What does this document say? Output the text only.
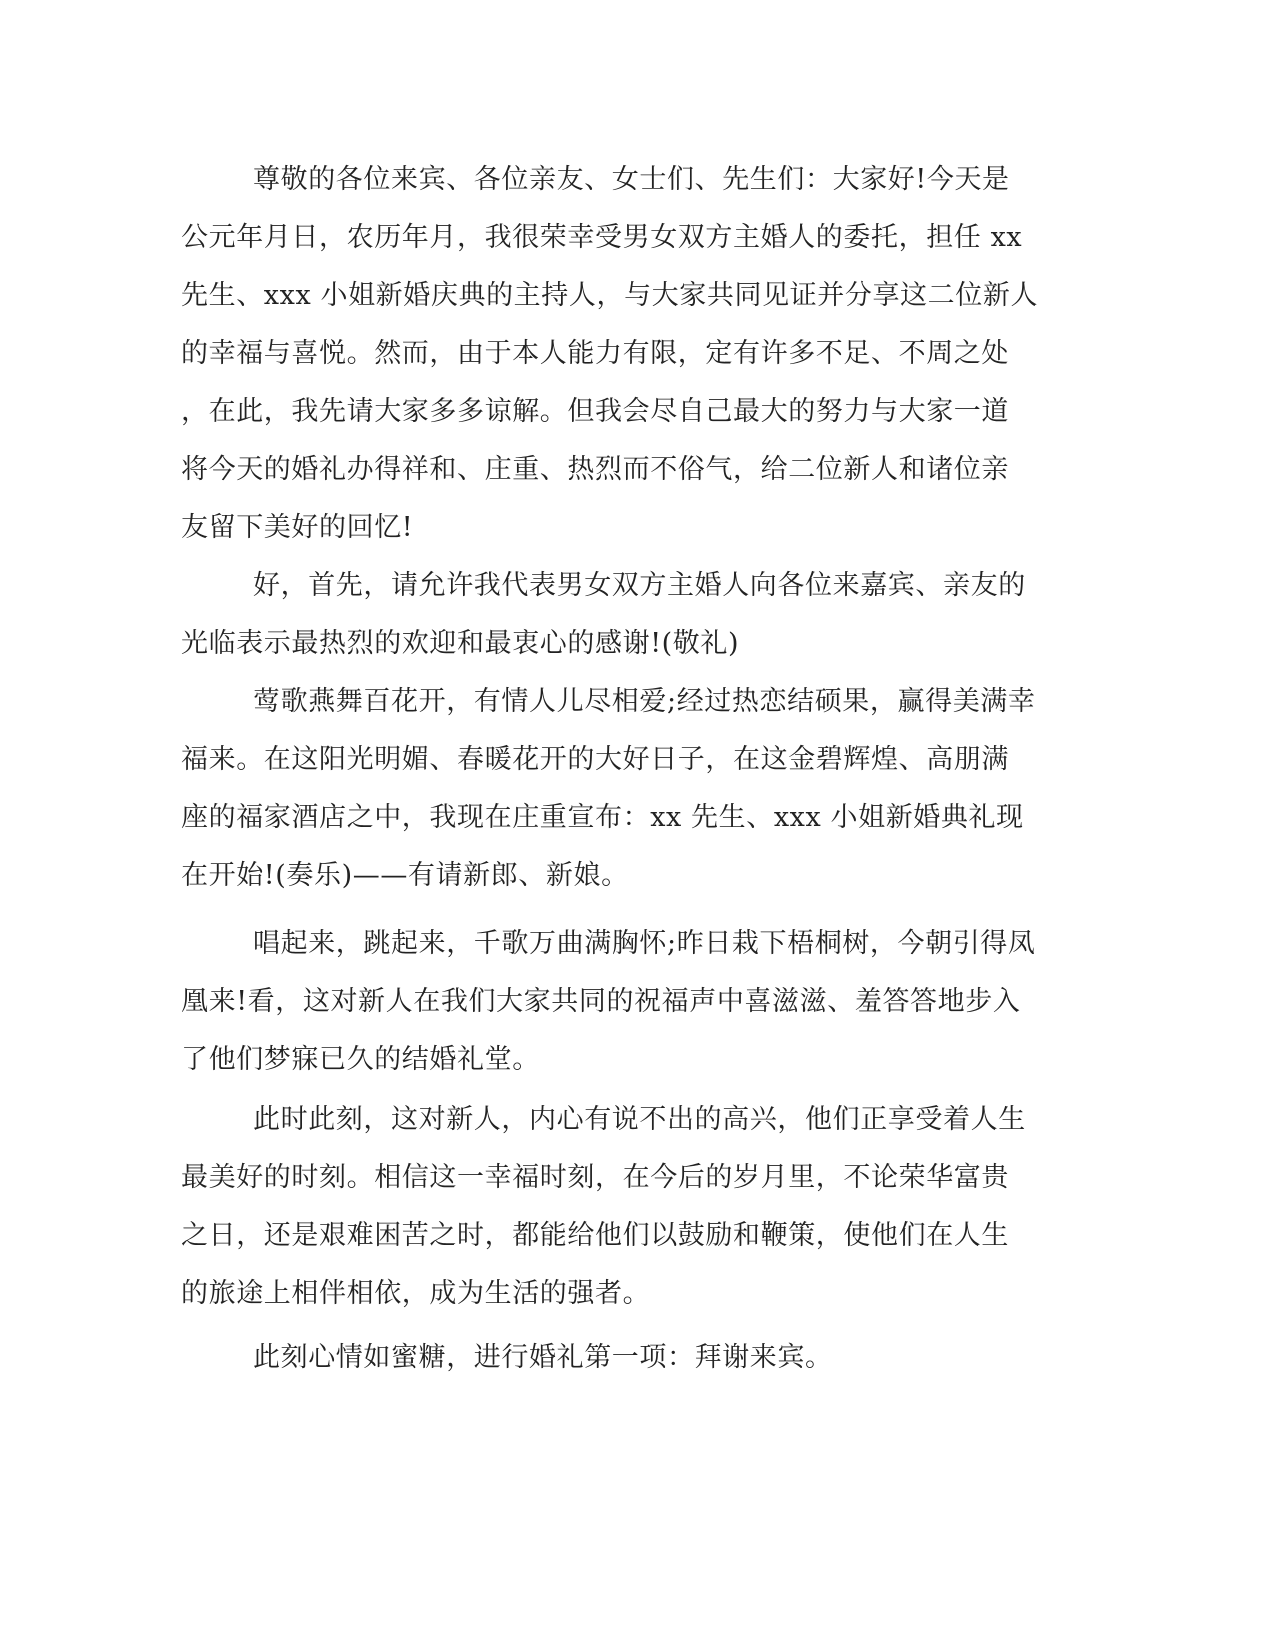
尊敬的各位来宾、各位亲友、女士们、先生们：大家好!今天是
公元年月日，农历年月，我很荣幸受男女双方主婚人的委托，担任 xx
先生、xxx 小姐新婚庆典的主持人，与大家共同见证并分享这二位新人
的幸福与喜悦。然而，由于本人能力有限，定有许多不足、不周之处
，在此，我先请大家多多谅解。但我会尽自己最大的努力与大家一道
将今天的婚礼办得祥和、庄重、热烈而不俗气，给二位新人和诸位亲
友留下美好的回忆!
好，首先，请允许我代表男女双方主婚人向各位来嘉宾、亲友的
光临表示最热烈的欢迎和最衷心的感谢!(敬礼)
莺歌燕舞百花开，有情人儿尽相爱;经过热恋结硕果，赢得美满幸
福来。在这阳光明媚、春暖花开的大好日子，在这金碧辉煌、高朋满
座的福家酒店之中，我现在庄重宣布：xx 先生、xxx 小姐新婚典礼现
在开始!(奏乐)——有请新郎、新娘。
唱起来，跳起来，千歌万曲满胸怀;昨日栽下梧桐树，今朝引得凤
凰来!看，这对新人在我们大家共同的祝福声中喜滋滋、羞答答地步入
了他们梦寐已久的结婚礼堂。
此时此刻，这对新人，内心有说不出的高兴，他们正享受着人生
最美好的时刻。相信这一幸福时刻，在今后的岁月里，不论荣华富贵
之日，还是艰难困苦之时，都能给他们以鼓励和鞭策，使他们在人生
的旅途上相伴相依，成为生活的强者。
此刻心情如蜜糖，进行婚礼第一项：拜谢来宾。
